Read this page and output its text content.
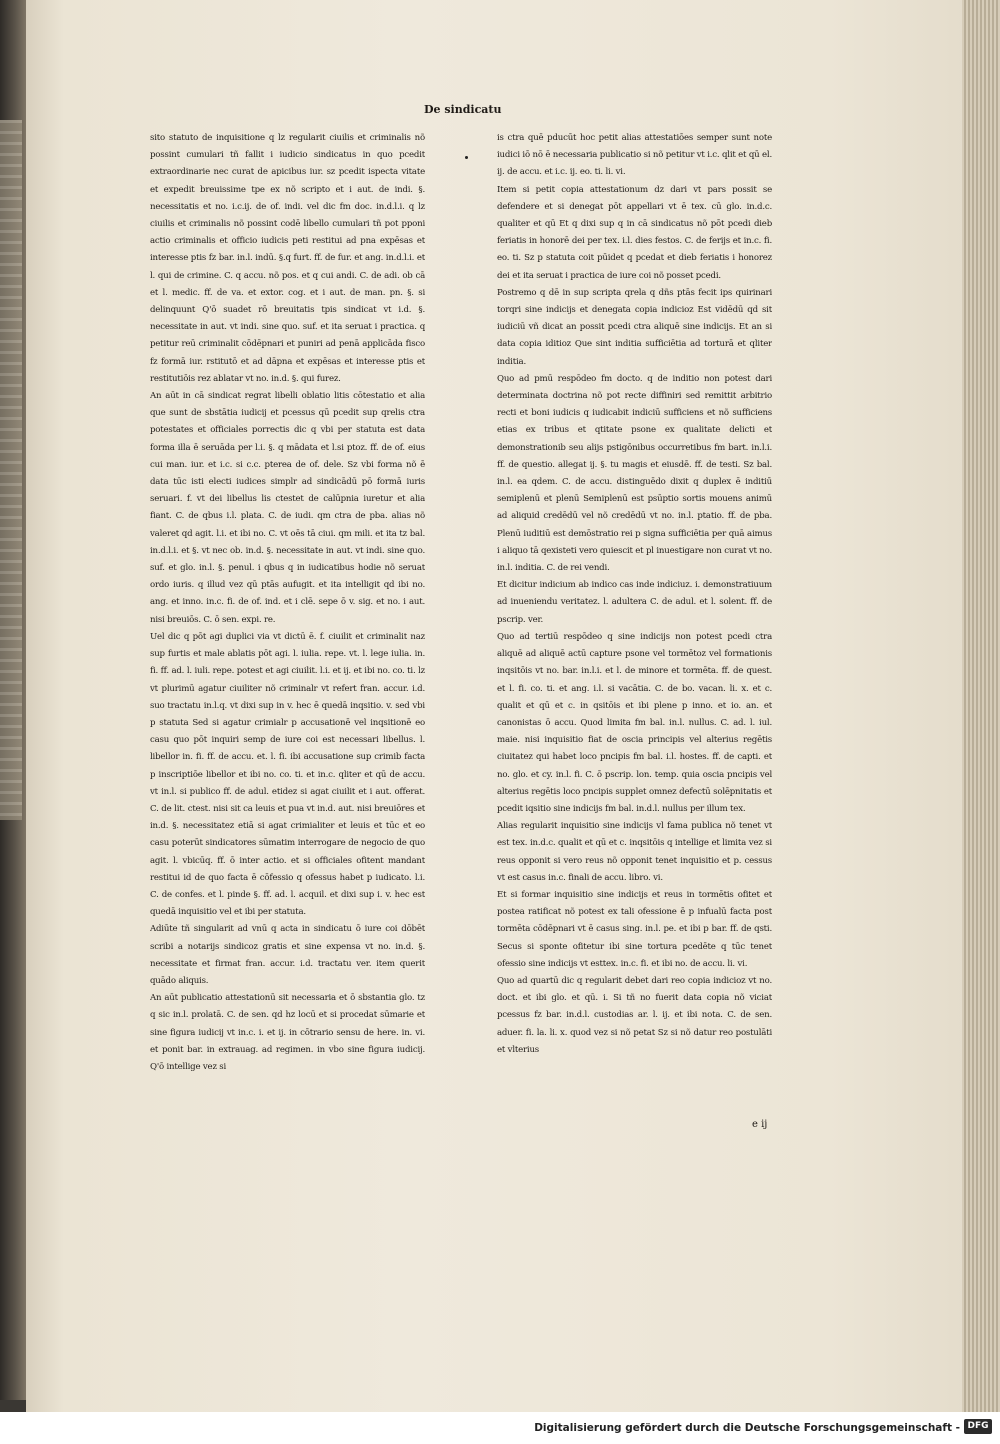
De sindicatu

sito statuto de inquisitione q lz regularit ciuilis et criminalis nõ possint cumulari tñ fallit i iudicio sindicatus in quo pcedit extraordinarie nec curat de apicibus iur. sz pcedit ispecta vitate et expedit breuissime tpe ex nõ scripto et i aut. de indi. §. necessitatis et no. i.c.ij. de of. indi. vel dic fm doc. in.d.l.i. q lz ciuilis et criminalis nõ possint codē libello cumulari tñ pot pponi actio criminalis et officio iudicis peti restitui ad pna expēsas et interesse ptis fz bar. in.l. indū. §.q furt. ff. de fur. et ang. in.d.l.i. et l. qui de crimine. C. q accu. nõ pos. et q cui andi. C. de adi. ob cā et l. medic. ff. de va. et extor. cog. et i aut. de man. pn. §. si delinquunt Q'ō suadet rō breuitatis tpis sindicat vt i.d. §. necessitate in aut. vt indi. sine quo. suf. et ita seruat i practica. q petitur reū criminalit cōdēpnari et puniri ad penā applicāda fisco fz formā iur. rstitutō et ad dāpna et expēsas et interesse ptis et restitutiōis rez ablatar vt no. in.d. §. qui furez.

An aūt in cā sindicat regrat libelli oblatio litis cōtestatio et alia que sunt de sbstātia iudicij et pcessus qū pcedit sup qrelis ctra potestates et officiales porrectis dic q vbi per statuta est data forma illa ē seruāda per l.i. §. q mādata et l.si ptoz. ff. de of. eius cui man. iur. et i.c. si c.c. pterea de of. dele. Sz vbi forma nõ ē data tūc isti electi iudices simplr ad sindicādū pō formā iuris seruari. f. vt dei libellus lis ctestet de calūpnia iuretur et alia fiant. C. de qbus i.l. plata. C. de iudi. qm ctra de pba. alias nõ valeret qd agit. l.i. et ibi no. C. vt oēs tā ciui. qm mili. et ita tz bal. in.d.l.i. et §. vt nec ob. in.d. §. necessitate in aut. vt indi. sine quo. suf. et glo. in.l. §. penul. i qbus q in iudicatibus hodie nõ seruat ordo iuris. q illud vez qū ptās aufugit. et ita intelligit qd ibi no. ang. et inno. in.c. fi. de of. ind. et i clē. sepe ō v. sig. et no. i aut. nisi breuiōs. C. ō sen. expi. re.

Uel dic q pōt agi duplici via vt dictū ē. f. ciuilit et criminalit naz sup furtis et male ablatis pōt agi. l. iulia. repe. vt. l. lege iulia. in. fi. ff. ad. l. iuli. repe. potest et agi ciuilit. l.i. et ij. et ibi no. co. ti. lz vt plurimū agatur ciuiliter nõ criminalr vt refert fran. accur. i.d. suo tractatu in.l.q. vt dixi sup in v. hec ē quedā inqsitio. v. sed vbi p statuta Sed si agatur crimialr p accusationē vel inqsitionē eo casu quo pōt inquiri semp de iure coi est necessari libellus. l. libellor in. fi. ff. de accu. et. l. fi. ibi accusatione sup crimib facta p inscriptiōe libellor et ibi no. co. ti. et in.c. qliter et qū de accu. vt in.l. si publico ff. de adul. etidez si agat ciuilit et i aut. offerat. C. de lit. ctest. nisi sit ca leuis et pua vt in.d. aut. nisi breuiōres et in.d. §. necessitatez etiā si agat crimialiter et leuis et tūc et eo casu poterūt sindicatores sūmatim interrogare de negocio de quo agit. l. vbicūq. ff. ō inter actio. et si officiales ofitent mandant restitui id de quo facta ē cōfessio q ofessus habet p iudicato. l.i. C. de confes. et l. pinde §. ff. ad. l. acquil. et dixi sup i. v. hec est quedā inquisitio vel et ibi per statuta.

Adiūte tñ singularit ad vnū q acta in sindicatu ō iure coi dōbēt scribi a notarijs sindicoz gratis et sine expensa vt no. in.d. §. necessitate et firmat fran. accur. i.d. tractatu ver. item querit quādo aliquis.

An aūt publicatio attestationū sit necessaria et ō sbstantia glo. tz q sic in.l. prolatā. C. de sen. qd hz locū et si procedat sūmarie et sine figura iudicij vt in.c. i. et ij. in cōtrario sensu de here. in. vi. et ponit bar. in extrauag. ad regimen. in vbo sine figura iudicij. Q'ō intellige vez si

is ctra quē pducūt hoc petit alias attestatiōes semper sunt note iudici iō nō ē necessaria publicatio si nõ petitur vt i.c. qlit et qū el. ij. de accu. et i.c. ij. eo. ti. li. vi.

Item si petit copia attestationum dz dari vt pars possit se defendere et si denegat pōt appellari vt ē tex. cū glo. in.d.c. qualiter et qū Et q dixi sup q in cā sindicatus nõ pōt pcedi dieb feriatis in honorē dei per tex. i.l. dies festos. C. de ferijs et in.c. fi. eo. ti. Sz p statuta coit pūidet q pcedat et dieb feriatis i honorez dei et ita seruat i practica de iure coi nõ posset pcedi.

Postremo q dē in sup scripta qrela q dñs ptās fecit ips quirinari torqri sine indicijs et denegata copia indicioz Est vidēdū qd sit iudiciū vñ dicat an possit pcedi ctra aliquē sine indicijs. Et an si data copia iditioz Que sint inditia sufficiētia ad torturā et qliter inditia.

Quo ad pmū respōdeo fm docto. q de inditio non potest dari determinata doctrina nõ pot recte diffiniri sed remittit arbitrio recti et boni iudicis q iudicabit indiciū sufficiens et nõ sufficiens etias ex tribus et qtitate psone ex qualitate delicti et demonstrationib seu alijs pstigōnibus occurretibus fm bart. in.l.i. ff. de questio. allegat ij. §. tu magis et eiusdē. ff. de testi. Sz bal. in.l. ea qdem. C. de accu. distinguēdo dixit q duplex ē inditiū semiplenū et plenū Semiplenū est psūptio sortis mouens animū ad aliquid credēdū vel nõ credēdū vt no. in.l. ptatio. ff. de pba. Plenū iuditiū est demōstratio rei p signa sufficiētia per quā aimus i aliquo tā qexisteti vero quiescit et pl inuestigare non curat vt no. in.l. inditia. C. de rei vendi.

Et dicitur indicium ab indico cas inde indiciuz. i. demonstratiuum ad inueniendu veritatez. l. adultera C. de adul. et l. solent. ff. de pscrip. ver.

Quo ad tertiū respōdeo q sine indicijs non potest pcedi ctra aliquē ad aliquē actū capture psone vel tormētoz vel formationis inqsitōis vt no. bar. in.l.i. et l. de minore et tormēta. ff. de quest. et l. fi. co. ti. et ang. i.l. si vacātia. C. de bo. vacan. li. x. et c. qualit et qū et c. in qsitōis et ibi plene p inno. et io. an. et canonistas ō accu. Quod limita fm bal. in.l. nullus. C. ad. l. iul. maie. nisi inquisitio fiat de oscia principis vel alterius regētis ciuitatez qui habet loco pncipis fm bal. i.l. hostes. ff. de capti. et no. glo. et cy. in.l. fi. C. ō pscrip. lon. temp. quia oscia pncipis vel alterius regētis loco pncipis supplet omnez defectū solēpnitatis et pcedit iqsitio sine indicijs fm bal. in.d.l. nullus per illum tex.

Alias regularit inquisitio sine indicijs vl fama publica nõ tenet vt est tex. in.d.c. qualit et qū et c. inqsitōis q intellige et limita vez si reus opponit si vero reus nõ opponit tenet inquisitio et p. cessus vt est casus in.c. finali de accu. libro. vi.

Et si formar inquisitio sine indicijs et reus in tormētis ofitet et postea ratificat nõ potest ex tali ofessione ē p infualū facta post tormēta cōdēpnari vt ē casus sing. in.l. pe. et ibi p bar. ff. de qsti. Secus si sponte ofitetur ibi sine tortura pcedēte q tūc tenet ofessio sine indicijs vt esttex. in.c. fi. et ibi no. de accu. li. vi.

Quo ad quartū dic q regularit debet dari reo copia indicioz vt no. doct. et ibi glo. et qū. i. Si tñ no fuerit data copia nõ viciat pcessus fz bar. in.d.l. custodias ar. l. ij. et ibi nota. C. de sen. aduer. fi. la. li. x. quod vez si nõ petat Sz si nõ datur reo postulāti et vlterius

e ij
Digitalisierung gefördert durch die Deutsche Forschungsgemeinschaft - DFG
